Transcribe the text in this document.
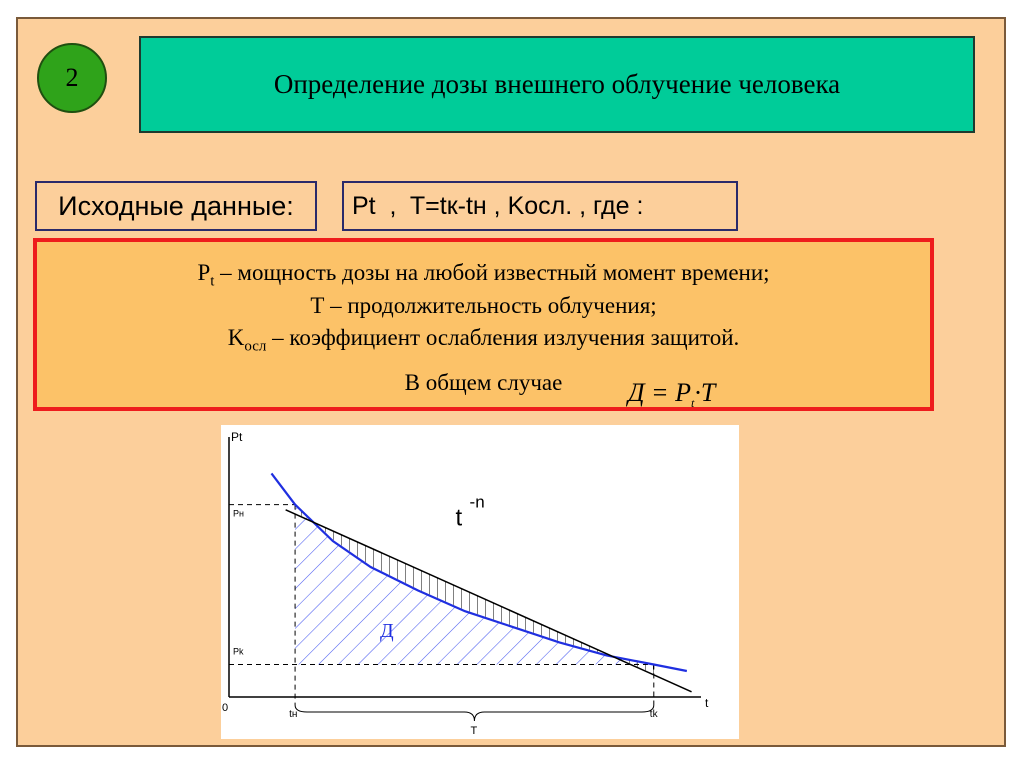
2	Определение дозы внешнего облучение человека
Исходные данные: Pt  ,  T=tк-tн , Kосл. , где :
$P_t$ – мощность дозы на любой известный момент времени;
Т – продолжительность облучения;
$K_{осл}$ – коэффициент ослабления излучения защитой.
В общем случае	$Д = P_t\cdot T$
Pt
t
0
Pн
Pk
tн	tk
T
t
-n
Д
